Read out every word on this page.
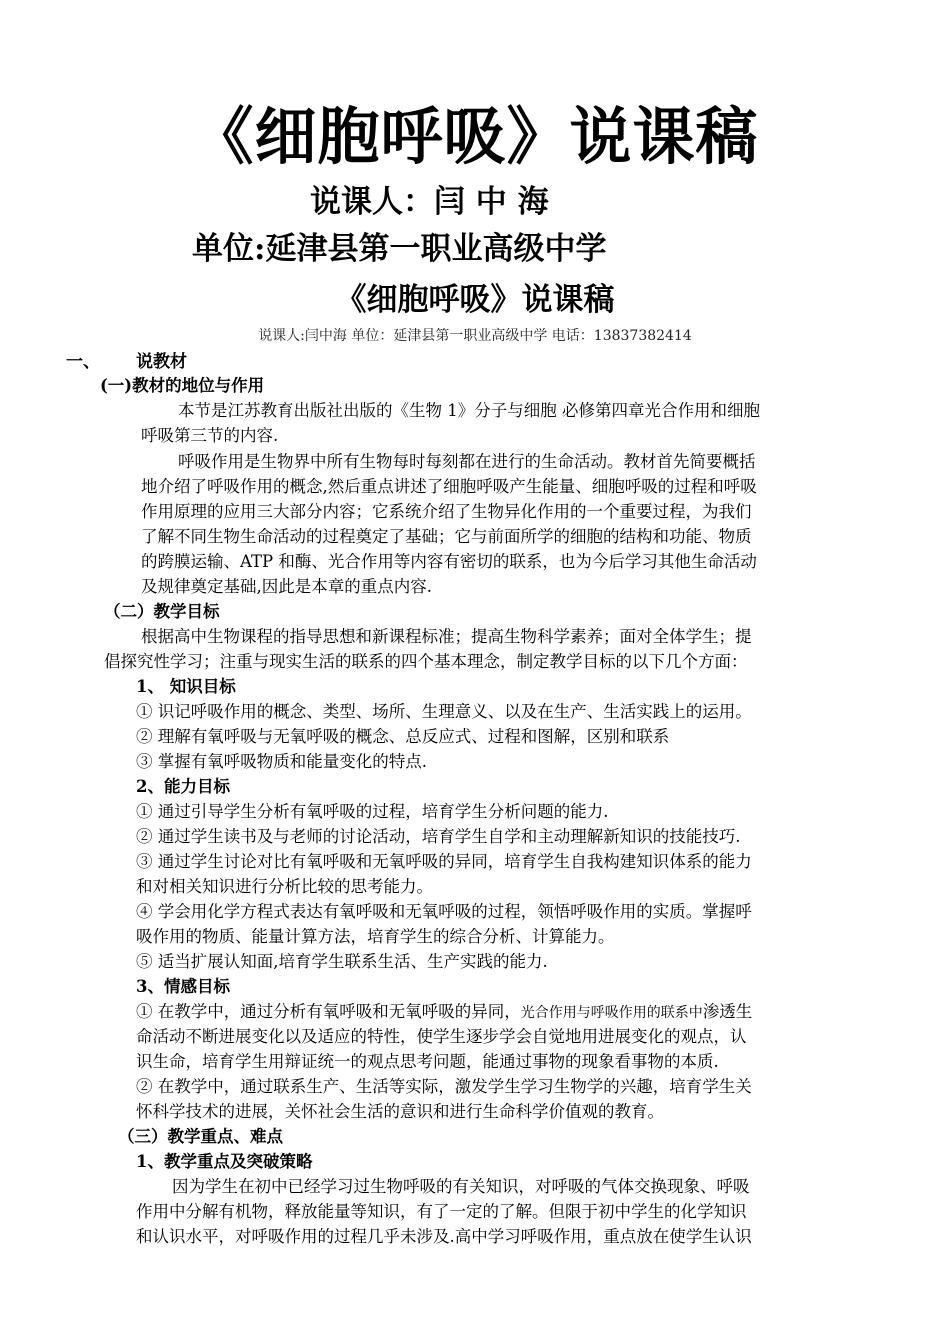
《细胞呼吸》说课稿
说课人：闫 中 海
单位:延津县第一职业高级中学
《细胞呼吸》说课稿
说课人:闫中海 单位：延津县第一职业高级中学 电话：13837382414
一、 说教材
(一)教材的地位与作用
本节是江苏教育出版社出版的《生物 1》分子与细胞 必修第四章光合作用和细胞
呼吸第三节的内容.
呼吸作用是生物界中所有生物每时每刻都在进行的生命活动。教材首先简要概括
地介绍了呼吸作用的概念,然后重点讲述了细胞呼吸产生能量、细胞呼吸的过程和呼吸
作用原理的应用三大部分内容；它系统介绍了生物异化作用的一个重要过程，为我们
了解不同生物生命活动的过程奠定了基础；它与前面所学的细胞的结构和功能、物质
的跨膜运输、ATP 和酶、光合作用等内容有密切的联系，也为今后学习其他生命活动
及规律奠定基础,因此是本章的重点内容.
（二）教学目标
根据高中生物课程的指导思想和新课程标准；提高生物科学素养；面对全体学生；提
倡探究性学习；注重与现实生活的联系的四个基本理念，制定教学目标的以下几个方面：
1、 知识目标
① 识记呼吸作用的概念、类型、场所、生理意义、以及在生产、生活实践上的运用。
② 理解有氧呼吸与无氧呼吸的概念、总反应式、过程和图解，区别和联系
③ 掌握有氧呼吸物质和能量变化的特点.
2、能力目标
① 通过引导学生分析有氧呼吸的过程，培育学生分析问题的能力.
② 通过学生读书及与老师的讨论活动，培育学生自学和主动理解新知识的技能技巧.
③ 通过学生讨论对比有氧呼吸和无氧呼吸的异同，培育学生自我构建知识体系的能力
和对相关知识进行分析比较的思考能力。
④ 学会用化学方程式表达有氧呼吸和无氧呼吸的过程，领悟呼吸作用的实质。掌握呼
吸作用的物质、能量计算方法，培育学生的综合分析、计算能力。
⑤ 适当扩展认知面,培育学生联系生活、生产实践的能力.
3、情感目标
① 在教学中，通过分析有氧呼吸和无氧呼吸的异同，光合作用与呼吸作用的联系中渗透生
命活动不断进展变化以及适应的特性，使学生逐步学会自觉地用进展变化的观点，认
识生命，培育学生用辩证统一的观点思考问题，能通过事物的现象看事物的本质.
② 在教学中，通过联系生产、生活等实际，激发学生学习生物学的兴趣，培育学生关
怀科学技术的进展，关怀社会生活的意识和进行生命科学价值观的教育。
（三）教学重点、难点
1、教学重点及突破策略
因为学生在初中已经学习过生物呼吸的有关知识，对呼吸的气体交换现象、呼吸
作用中分解有机物，释放能量等知识，有了一定的了解。但限于初中学生的化学知识
和认识水平，对呼吸作用的过程几乎未涉及.高中学习呼吸作用，重点放在使学生认识
